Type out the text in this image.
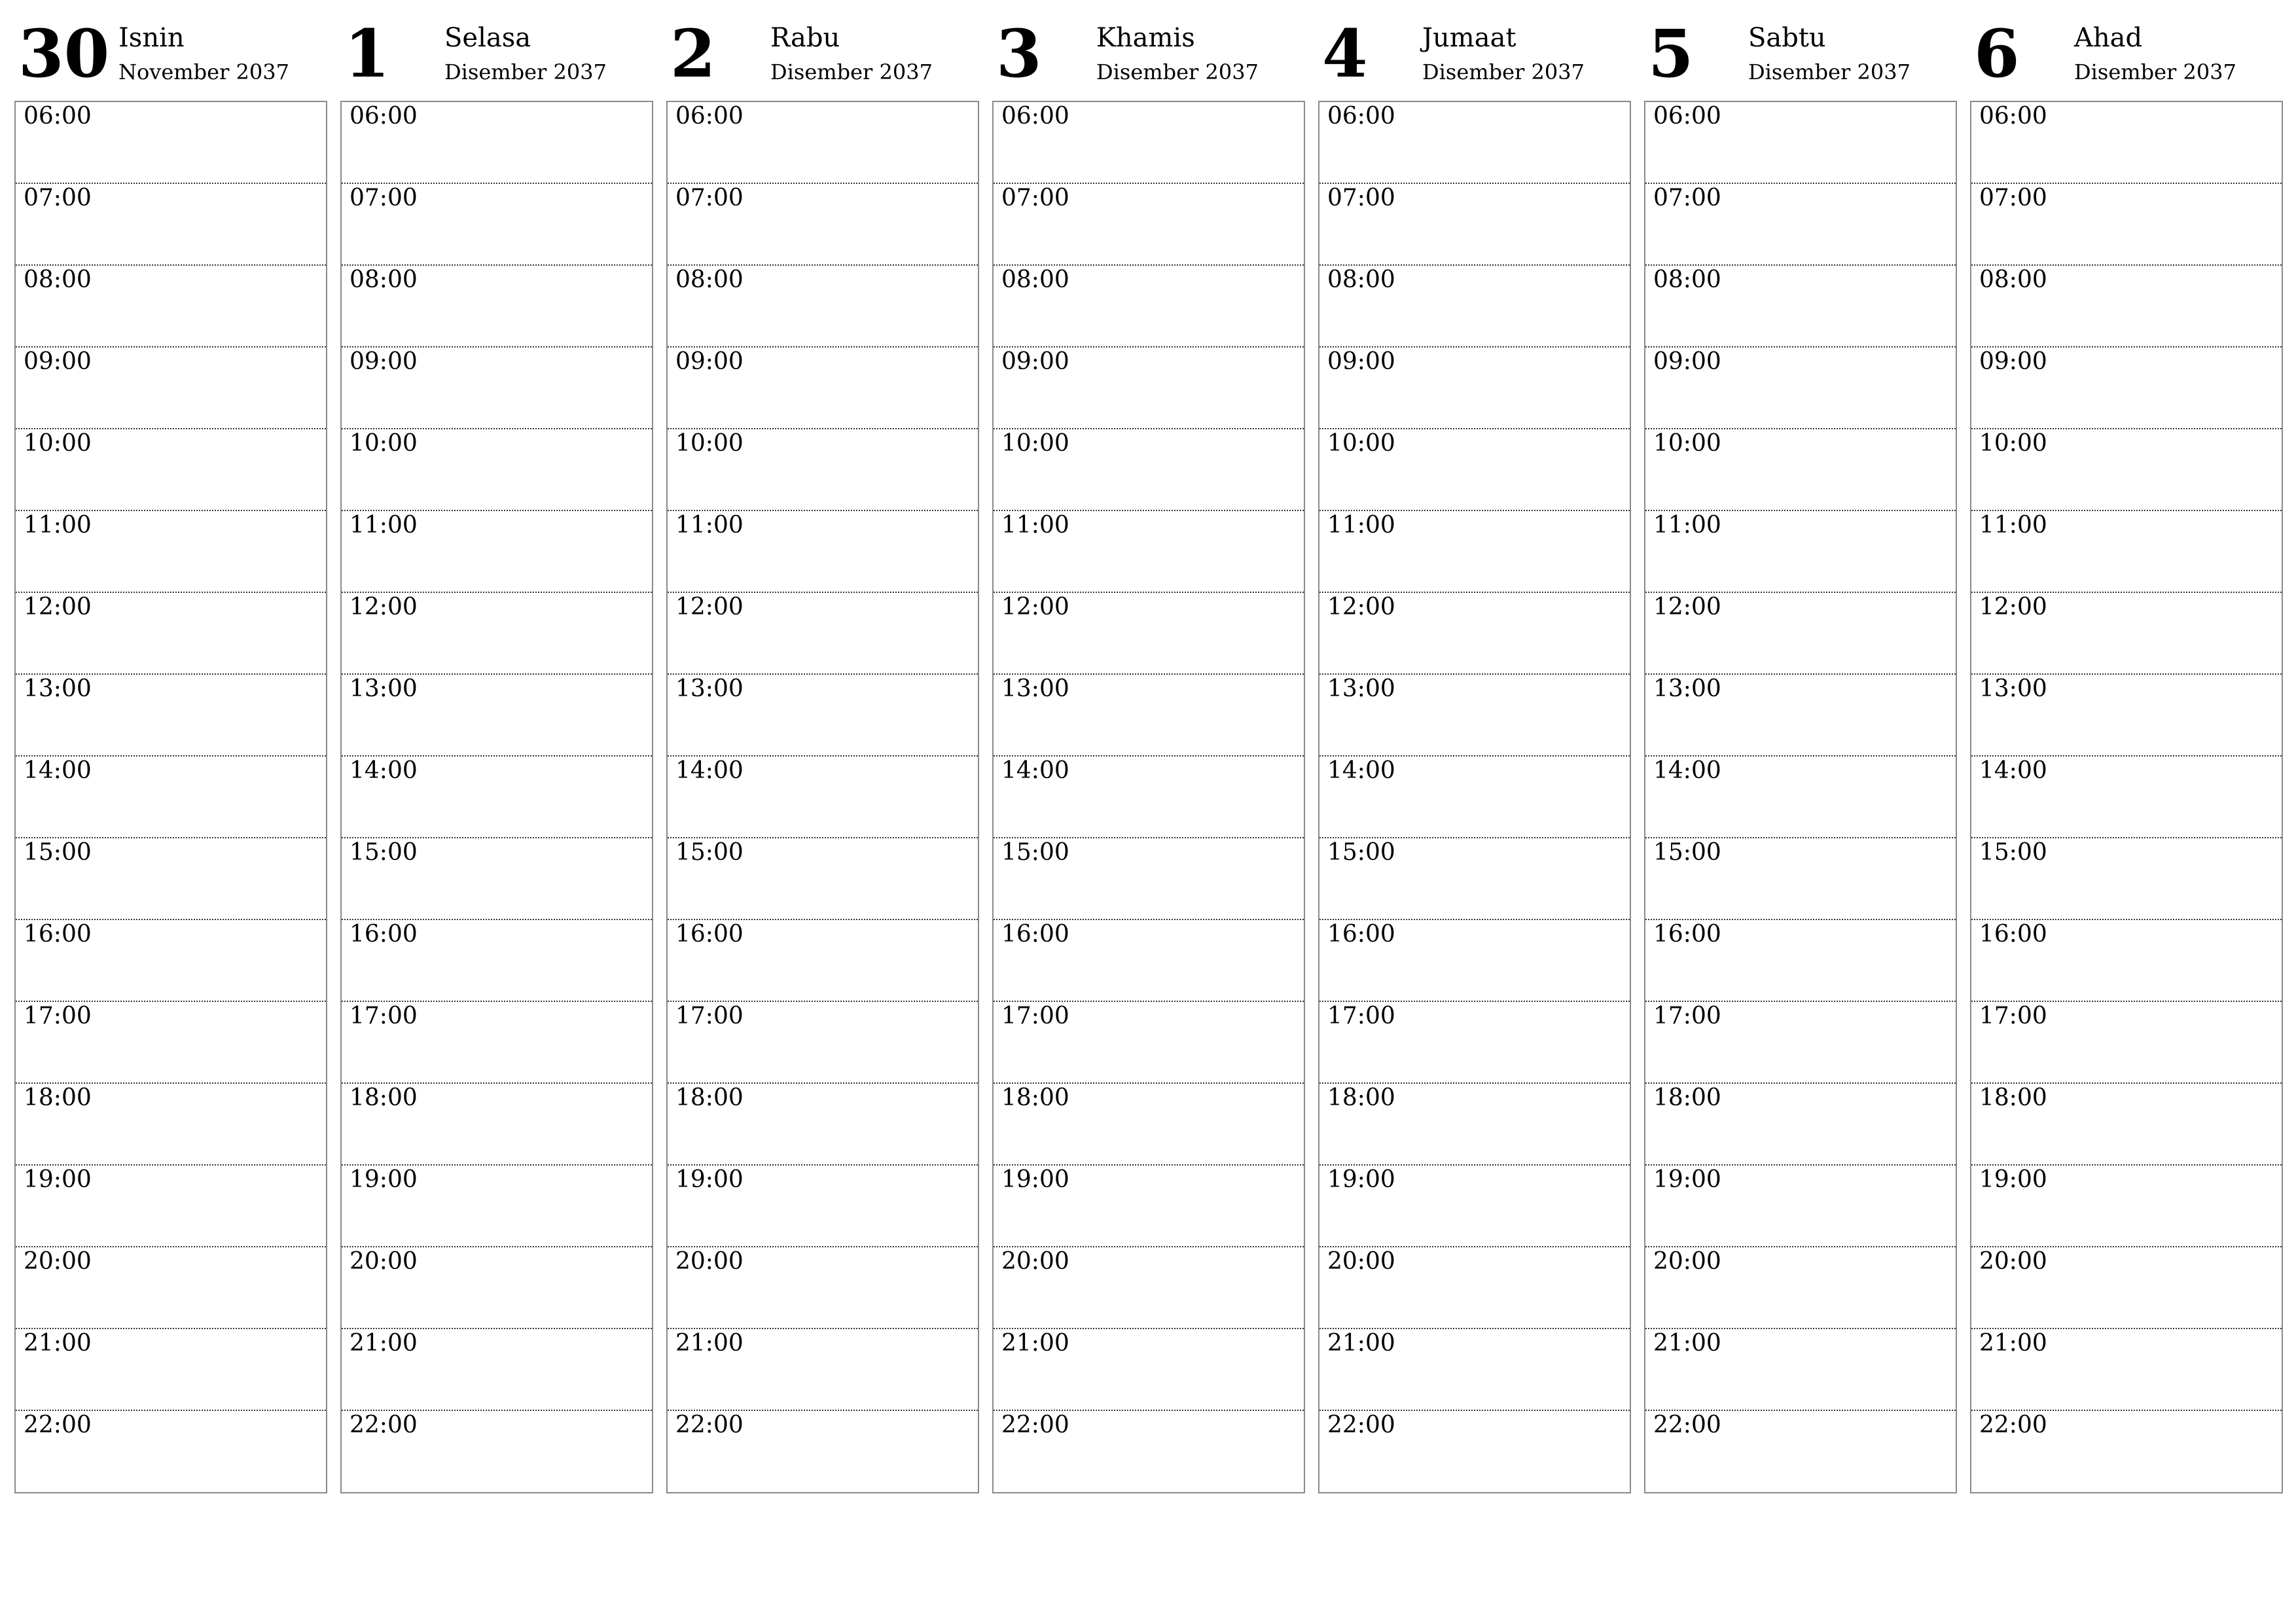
30 Isnin
November 2037
06:00
07:00
08:00
09:00
10:00
11:00
12:00
13:00
14:00
15:00
16:00
17:00
18:00
19:00
20:00
21:00
22:00
1 Selasa
Disember 2037
06:00
07:00
08:00
09:00
10:00
11:00
12:00
13:00
14:00
15:00
16:00
17:00
18:00
19:00
20:00
21:00
22:00
2 Rabu
Disember 2037
06:00
07:00
08:00
09:00
10:00
11:00
12:00
13:00
14:00
15:00
16:00
17:00
18:00
19:00
20:00
21:00
22:00
3 Khamis
Disember 2037
06:00
07:00
08:00
09:00
10:00
11:00
12:00
13:00
14:00
15:00
16:00
17:00
18:00
19:00
20:00
21:00
22:00
4 Jumaat
Disember 2037
06:00
07:00
08:00
09:00
10:00
11:00
12:00
13:00
14:00
15:00
16:00
17:00
18:00
19:00
20:00
21:00
22:00
5 Sabtu
Disember 2037
06:00
07:00
08:00
09:00
10:00
11:00
12:00
13:00
14:00
15:00
16:00
17:00
18:00
19:00
20:00
21:00
22:00
6 Ahad
Disember 2037
06:00
07:00
08:00
09:00
10:00
11:00
12:00
13:00
14:00
15:00
16:00
17:00
18:00
19:00
20:00
21:00
22:00
